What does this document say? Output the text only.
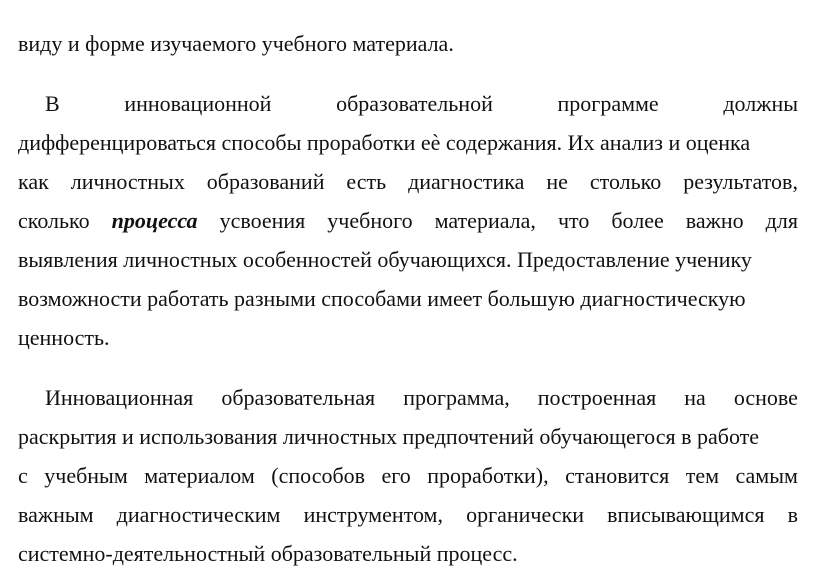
виду и форме изучаемого учебного материала.
В	инновационной	образовательной	программе	должны
дифференцироваться способы проработки еѐ содержания. Их анализ и оценка
как личностных образований есть диагностика не столько результатов,
сколько процесса усвоения учебного материала, что более важно для
выявления личностных особенностей обучающихся. Предоставление ученику
возможности работать разными способами имеет большую диагностическую
ценность.
Инновационная образовательная программа, построенная на основе
раскрытия и использования личностных предпочтений обучающегося в работе
с учебным материалом (способов его проработки), становится тем самым
важным диагностическим инструментом, органически вписывающимся в
системно-деятельностный образовательный процесс.
